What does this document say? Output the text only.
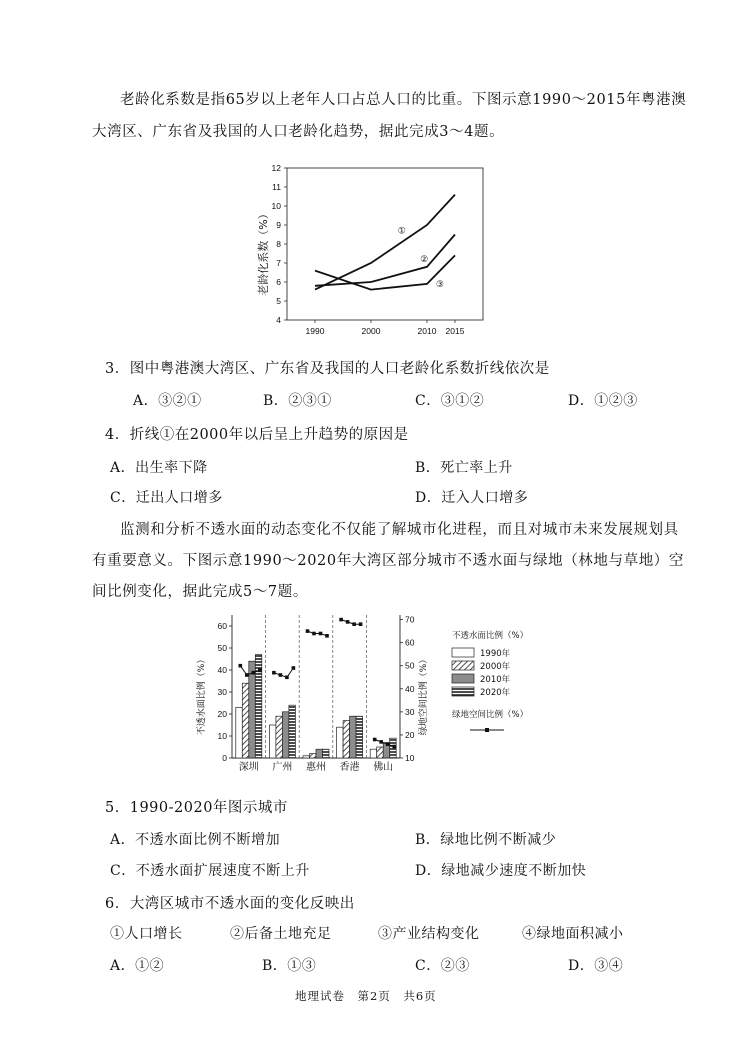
老龄化系数是指65岁以上老年人口占总人口的比重。下图示意1990～2015年粤港澳
大湾区、广东省及我国的人口老龄化趋势，据此完成3～4题。
老龄化系数（%）
4
5
6
7
8
9
10
11
12
1990	2000	2010 2015
①
②
③
3．图中粤港澳大湾区、广东省及我国的人口老龄化系数折线依次是
A．③②①	B．②③①	C．③①②	D．①②③
4．折线①在2000年以后呈上升趋势的原因是
A．出生率下降	B．死亡率上升
C．迁出人口增多	D．迁入人口增多
监测和分析不透水面的动态变化不仅能了解城市化进程，而且对城市未来发展规划具
有重要意义。下图示意1990～2020年大湾区部分城市不透水面与绿地（林地与草地）空
间比例变化，据此完成5～7题。
不透水面比例（%）	绿地空间比例（%）
0
10
20
30
40
50
60
10
20
30
40
50
60
70
深圳 广州 惠州 香港 佛山
不透水面比例（%）
1990年
2000年
2010年
2020年
绿地空间比例（%）
5．1990-2020年图示城市
A．不透水面比例不断增加	B．绿地比例不断减少
C．不透水面扩展速度不断上升	D．绿地减少速度不断加快
6．大湾区城市不透水面的变化反映出
①人口增长	②后备土地充足	③产业结构变化	④绿地面积减小
A．①②	B．①③	C．②③	D．③④
地理试卷　第2页　共6页
